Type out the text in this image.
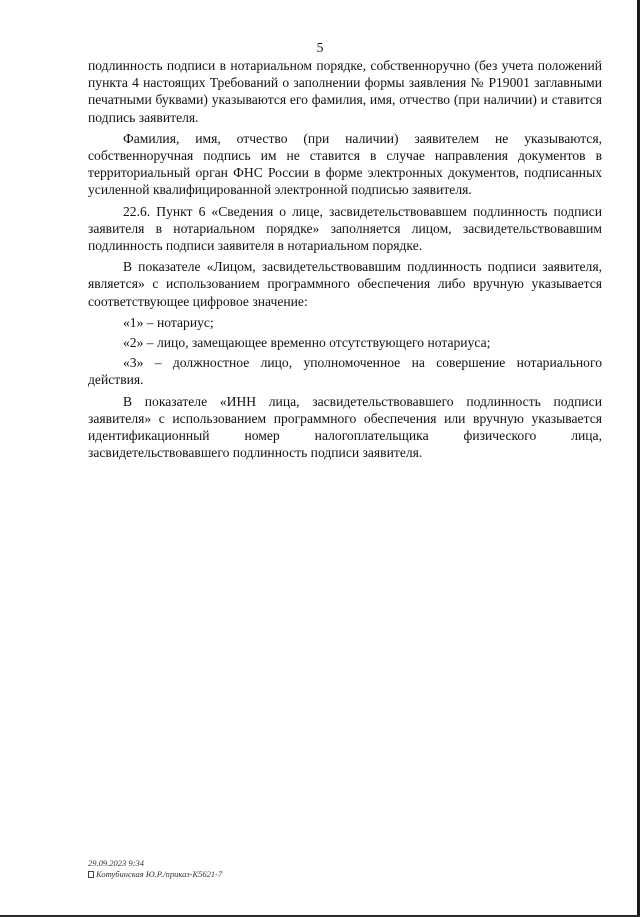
5

подлинность подписи в нотариальном порядке, собственноручно (без учета положений пункта 4 настоящих Требований о заполнении формы заявления № Р19001 заглавными печатными буквами) указываются его фамилия, имя, отчество (при наличии) и ставится подпись заявителя.

Фамилия, имя, отчество (при наличии) заявителем не указываются, собственноручная подпись им не ставится в случае направления документов в территориальный орган ФНС России в форме электронных документов, подписанных усиленной квалифицированной электронной подписью заявителя.

22.6. Пункт 6 «Сведения о лице, засвидетельствовавшем подлинность подписи заявителя в нотариальном порядке» заполняется лицом, засвидетельствовавшим подлинность подписи заявителя в нотариальном порядке.

В показателе «Лицом, засвидетельствовавшим подлинность подписи заявителя, является» с использованием программного обеспечения либо вручную указывается соответствующее цифровое значение:

«1» – нотариус;

«2» – лицо, замещающее временно отсутствующего нотариуса;

«3» – должностное лицо, уполномоченное на совершение нотариального действия.

В показателе «ИНН лица, засвидетельствовавшего подлинность подписи заявителя» с использованием программного обеспечения или вручную указывается идентификационный номер налогоплательщика физического лица, засвидетельствовавшего подлинность подписи заявителя.

29.09.2023 9:34
Котубинская Ю.Р./приказ-К5621-7
